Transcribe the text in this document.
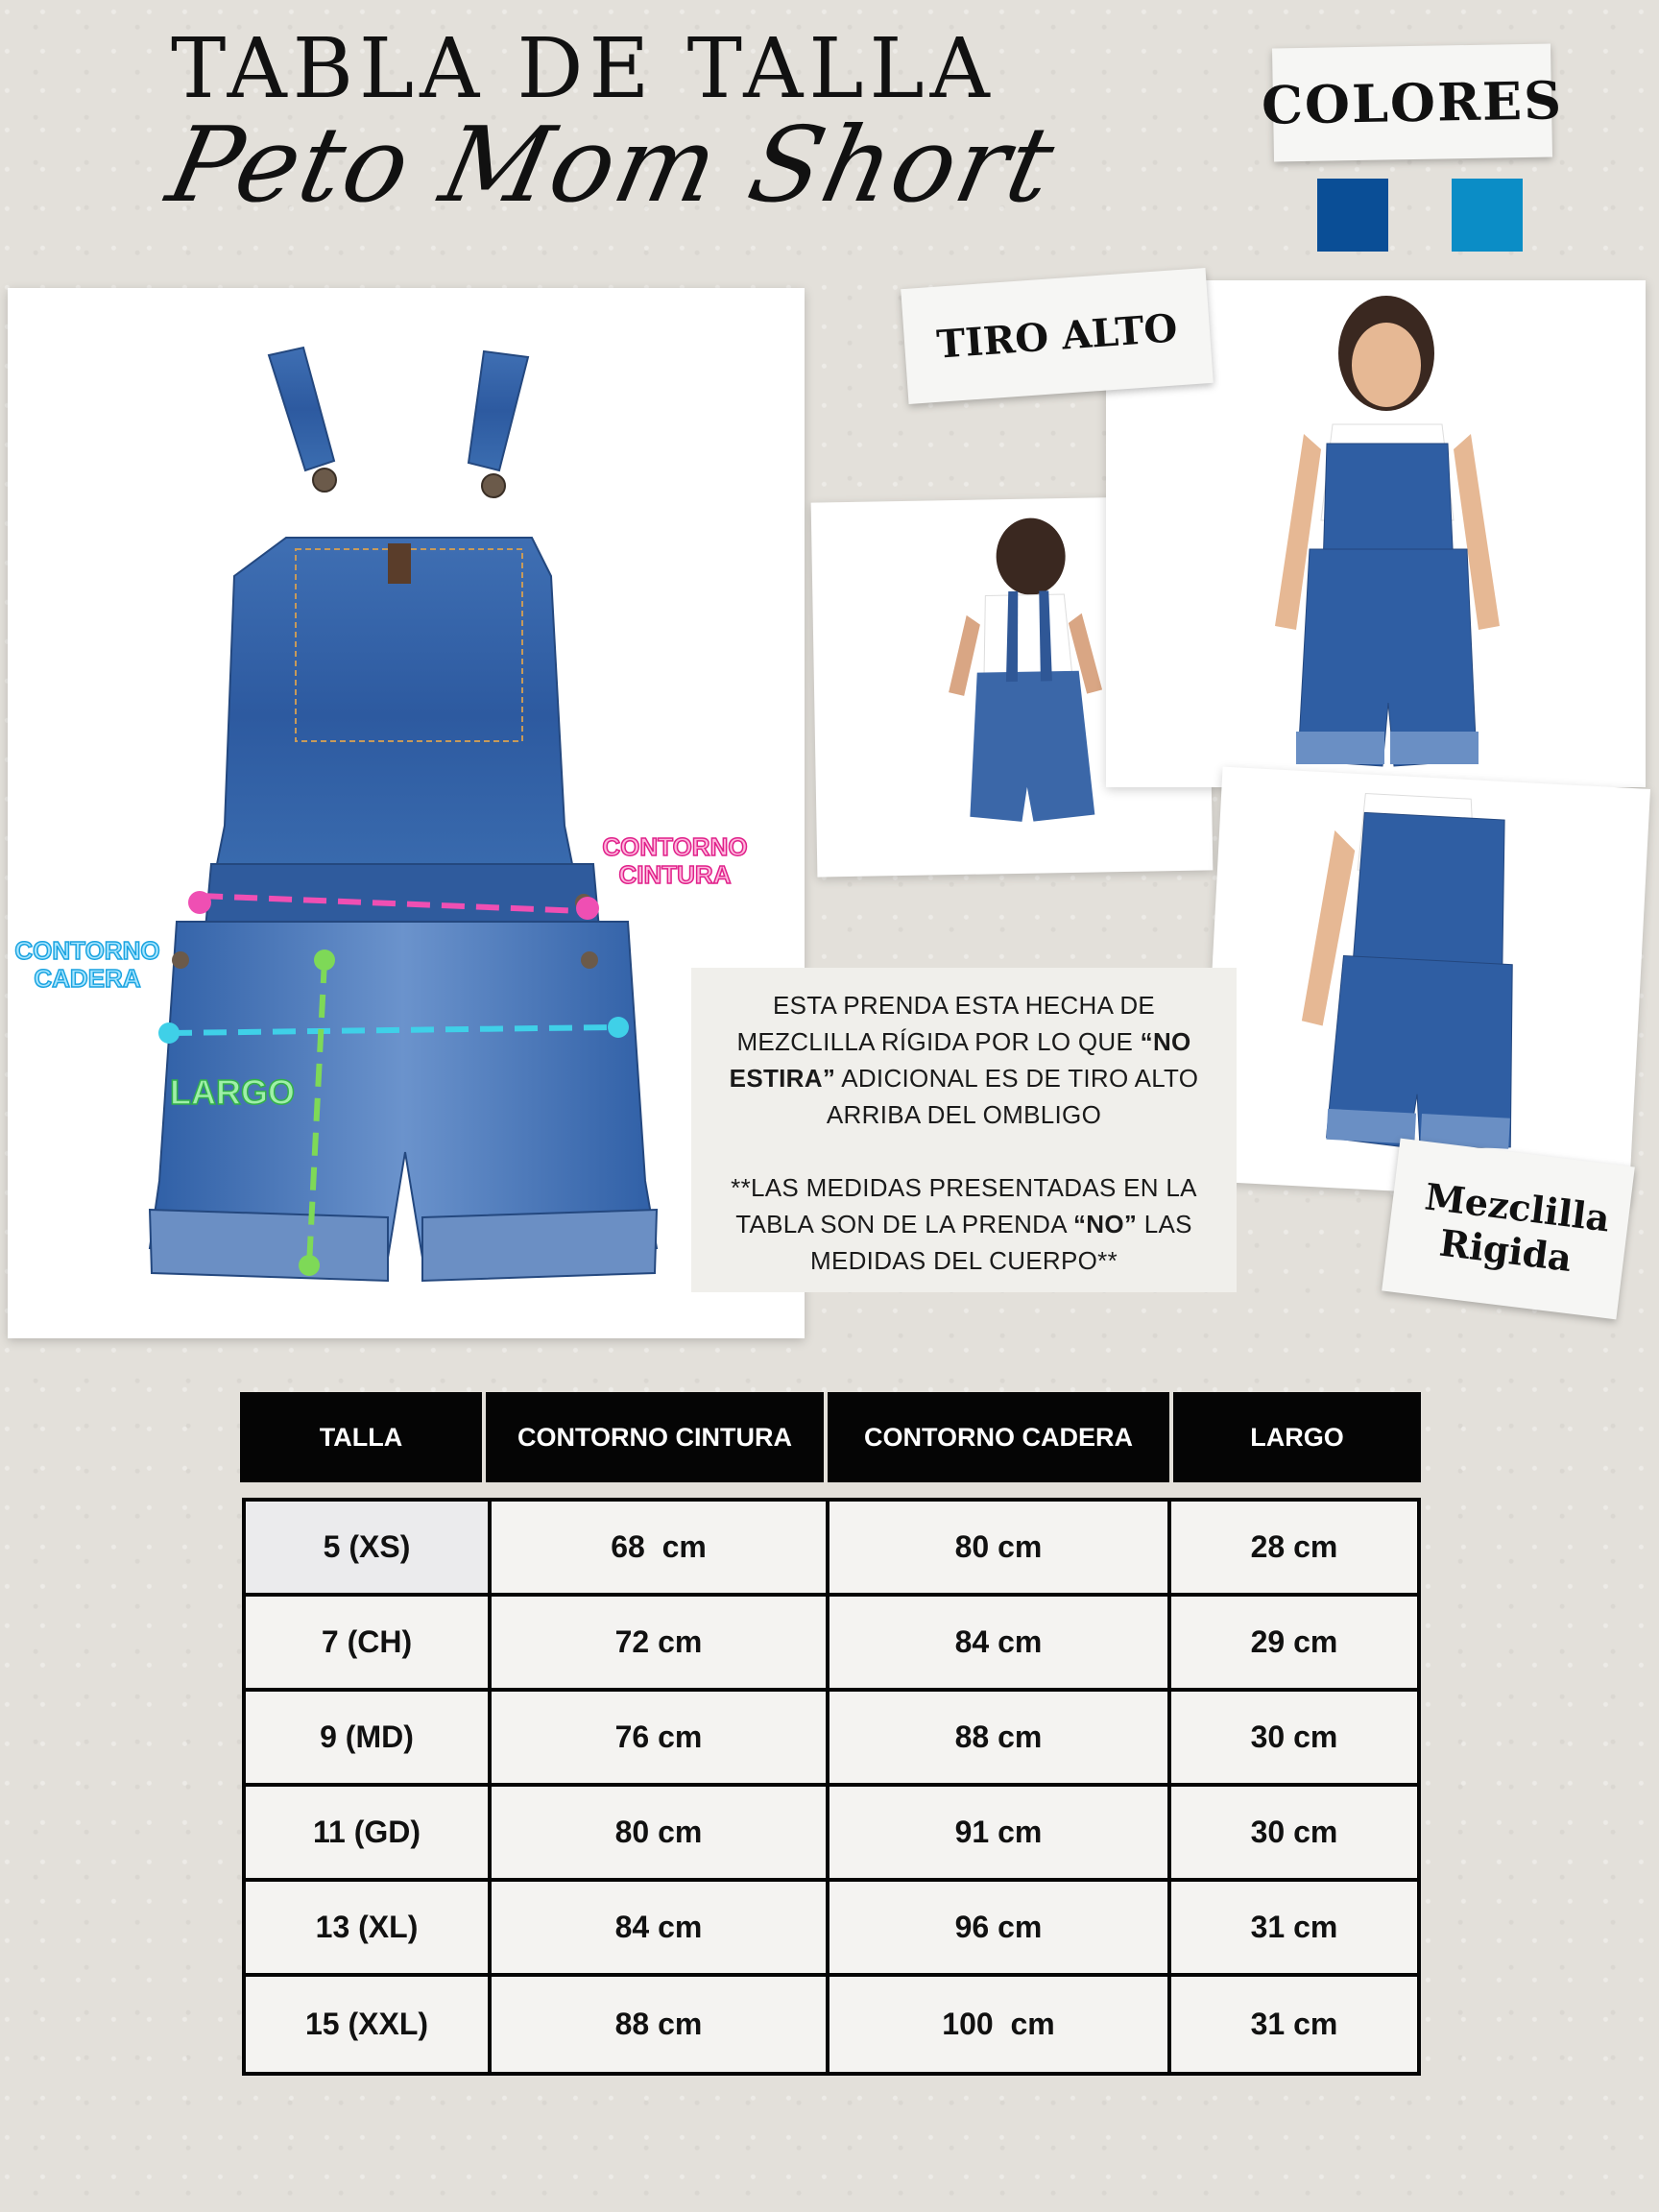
TABLA DE TALLA
Peto Mom Short
COLORES
CONTORNO CINTURA
CONTORNO CADERA
LARGO
TIRO ALTO
Mezclilla Rigida

ESTA PRENDA ESTA HECHA DE MEZCLILLA RÍGIDA POR LO QUE “NO ESTIRA” ADICIONAL ES DE TIRO ALTO ARRIBA DEL OMBLIGO

**LAS MEDIDAS PRESENTADAS EN LA TABLA SON DE LA PRENDA “NO” LAS MEDIDAS DEL CUERPO**

TALLA	CONTORNO CINTURA	CONTORNO CADERA	LARGO
5 (XS)	68  cm	80 cm	28 cm
7 (CH)	72 cm	84 cm	29 cm
9 (MD)	76 cm	88 cm	30 cm
11 (GD)	80 cm	91 cm	30 cm
13 (XL)	84 cm	96 cm	31 cm
15 (XXL)	88 cm	100  cm	31 cm
